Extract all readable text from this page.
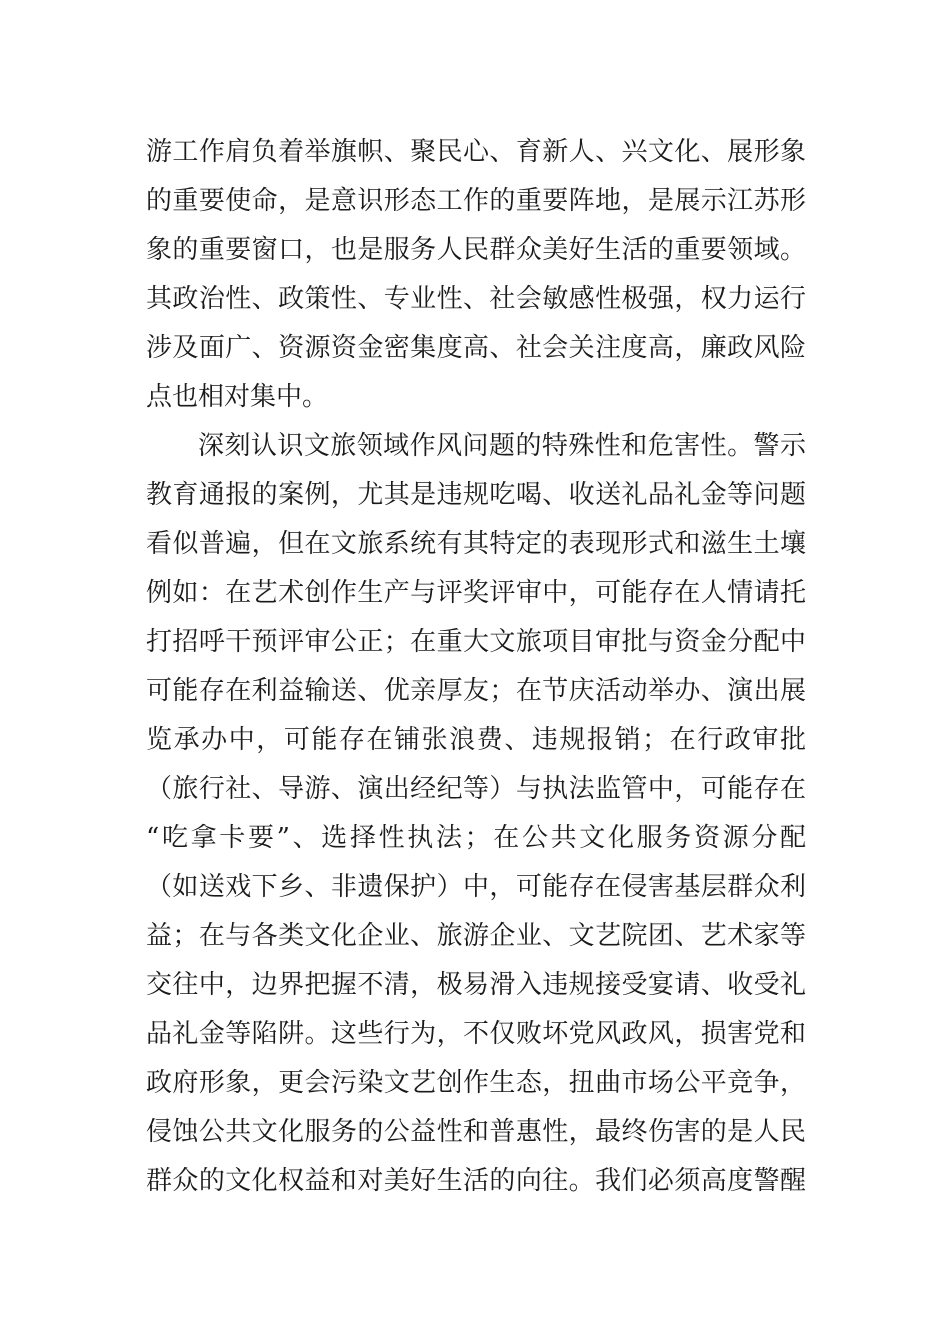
游工作肩负着举旗帜、聚民心、育新人、兴文化、展形象
的重要使命，是意识形态工作的重要阵地，是展示江苏形
象的重要窗口，也是服务人民群众美好生活的重要领域。
其政治性、政策性、专业性、社会敏感性极强，权力运行
涉及面广、资源资金密集度高、社会关注度高，廉政风险
点也相对集中。
深刻认识文旅领域作风问题的特殊性和危害性。警示
教育通报的案例，尤其是违规吃喝、收送礼品礼金等问题
看似普遍，但在文旅系统有其特定的表现形式和滋生土壤
例如：在艺术创作生产与评奖评审中，可能存在人情请托
打招呼干预评审公正；在重大文旅项目审批与资金分配中
可能存在利益输送、优亲厚友；在节庆活动举办、演出展
览承办中，可能存在铺张浪费、违规报销；在行政审批
（旅行社、导游、演出经纪等）与执法监管中，可能存在
“吃拿卡要”、选择性执法；在公共文化服务资源分配
（如送戏下乡、非遗保护）中，可能存在侵害基层群众利
益；在与各类文化企业、旅游企业、文艺院团、艺术家等
交往中，边界把握不清，极易滑入违规接受宴请、收受礼
品礼金等陷阱。这些行为，不仅败坏党风政风，损害党和
政府形象，更会污染文艺创作生态，扭曲市场公平竞争，
侵蚀公共文化服务的公益性和普惠性，最终伤害的是人民
群众的文化权益和对美好生活的向往。我们必须高度警醒
